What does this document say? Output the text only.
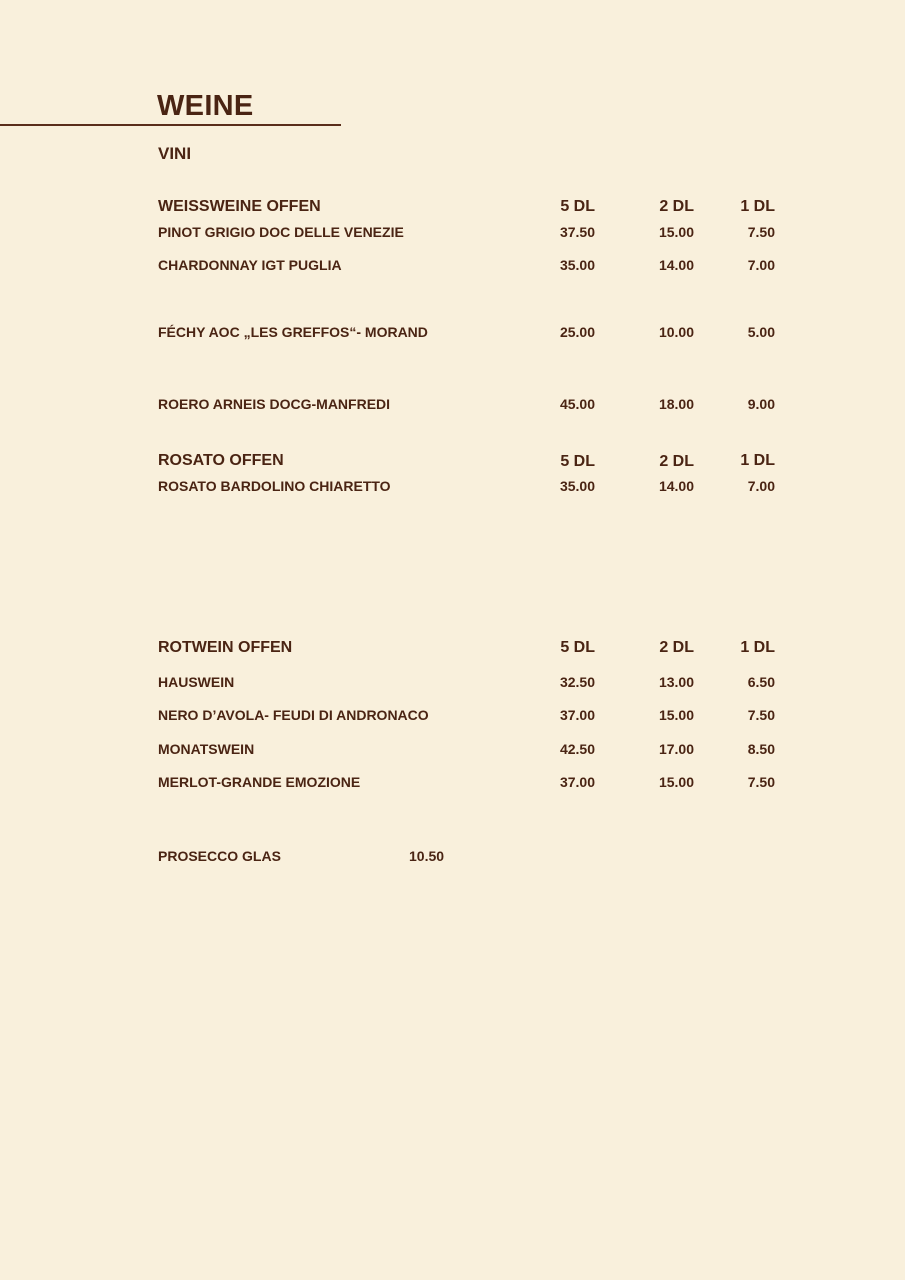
WEINE
VINI
WEISSWEINE OFFEN	5 DL	2 DL	1 DL
PINOT GRIGIO DOC DELLE VENEZIE	37.50	15.00	7.50
CHARDONNAY IGT PUGLIA	35.00	14.00	7.00
FÉCHY AOC „LES GREFFOS“- MORAND	25.00	10.00	5.00
ROERO ARNEIS DOCG-MANFREDI	45.00	18.00	9.00
ROSATO OFFEN	5 DL	2 DL	1 DL
ROSATO BARDOLINO CHIARETTO	35.00	14.00	7.00
ROTWEIN OFFEN	5 DL	2 DL	1 DL
HAUSWEIN	32.50	13.00	6.50
NERO D’AVOLA- FEUDI DI ANDRONACO	37.00	15.00	7.50
MONATSWEIN	42.50	17.00	8.50
MERLOT-GRANDE EMOZIONE	37.00	15.00	7.50
PROSECCO GLAS	10.50
